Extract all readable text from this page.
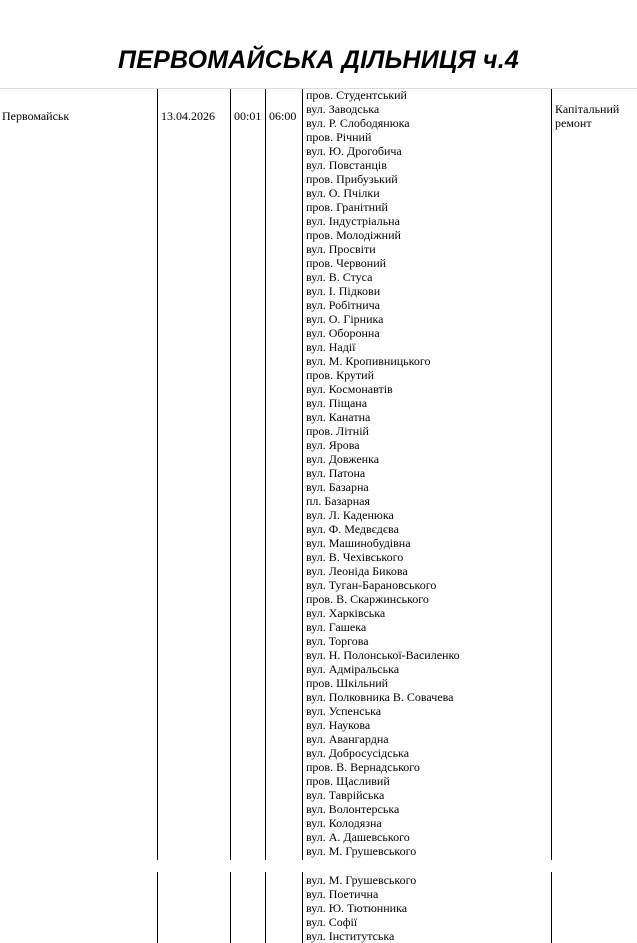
ПЕРВОМАЙСЬКА ДІЛЬНИЦЯ ч.4
Первомайськ	13.04.2026 00:01 06:00
пров. Студентський
вул. Заводська
вул. Р. Слободянюка
пров. Річний
вул. Ю. Дрогобича
вул. Повстанців
пров. Прибузький
вул. О. Пчілки
пров. Гранітний
вул. Індустріальна
пров. Молодіжний
вул. Просвіти
пров. Червоний
вул. В. Стуса
вул. І. Підкови
вул. Робітнича
вул. О. Гірника
вул. Оборонна
вул. Надії
вул. М. Кропивницького
пров. Крутий
вул. Космонавтів
вул. Піщана
вул. Канатна
пров. Літній
вул. Ярова
вул. Довженка
вул. Патона
вул. Базарна
пл. Базарная
вул. Л. Каденюка
вул. Ф. Медвєдєва
вул. Машинобудівна
вул. В. Чехівського
вул. Леоніда Бикова
вул. Туган-Барановського
пров. В. Скаржинського
вул. Харківська
вул. Гашека
вул. Торгова
вул. Н. Полонської-Василенко
вул. Адміральська
пров. Шкільний
вул. Полковника В. Совачева
вул. Успенська
вул. Наукова
вул. Авангардна
вул. Добросусідська
пров. В. Вернадського
пров. Щасливий
вул. Таврійська
вул. Волонтерська
вул. Колодязна
вул. А. Дашевського
вул. М. Грушевського
Капітальний
ремонт
вул. М. Грушевського
вул. Поетична
вул. Ю. Тютюнника
вул. Софії
вул. Інститутська
